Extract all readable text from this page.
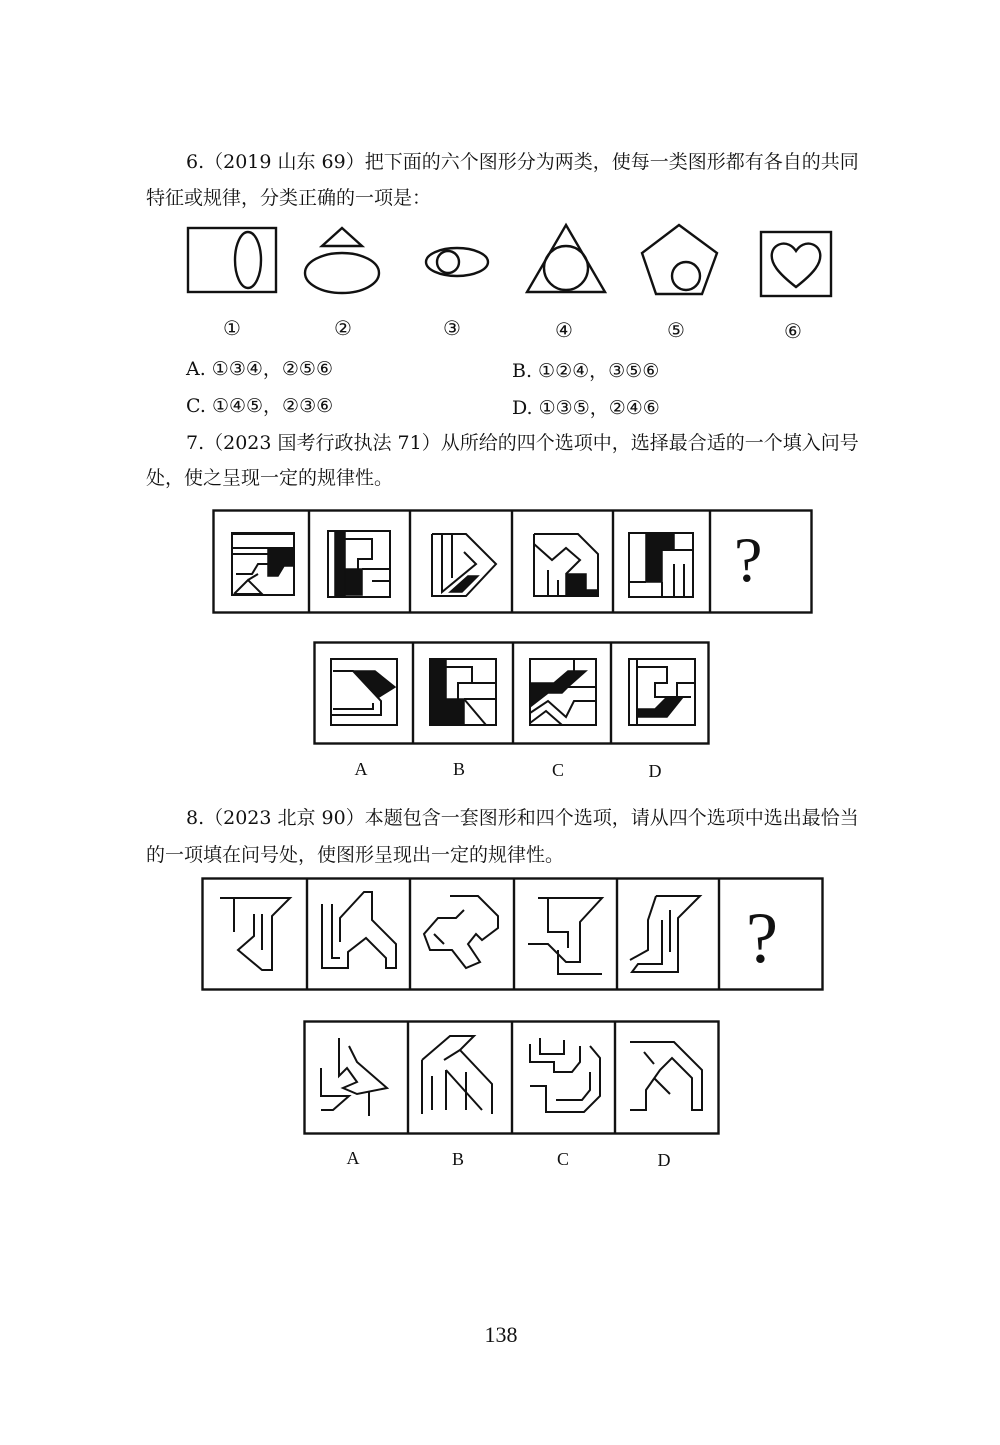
6.（2019 山东 69）把下面的六个图形分为两类，使每一类图形都有各自的共同
特征或规律，分类正确的一项是：
①	②	③	④	⑤	⑥
A. ①③④，②⑤⑥	B. ①②④，③⑤⑥
C. ①④⑤，②③⑥	D. ①③⑤，②④⑥
7.（2023 国考行政执法 71）从所给的四个选项中，选择最合适的一个填入问号
处，使之呈现一定的规律性。
?
A	B	C	D
8.（2023 北京 90）本题包含一套图形和四个选项，请从四个选项中选出最恰当
的一项填在问号处，使图形呈现出一定的规律性。
?
A	B	C	D
138
